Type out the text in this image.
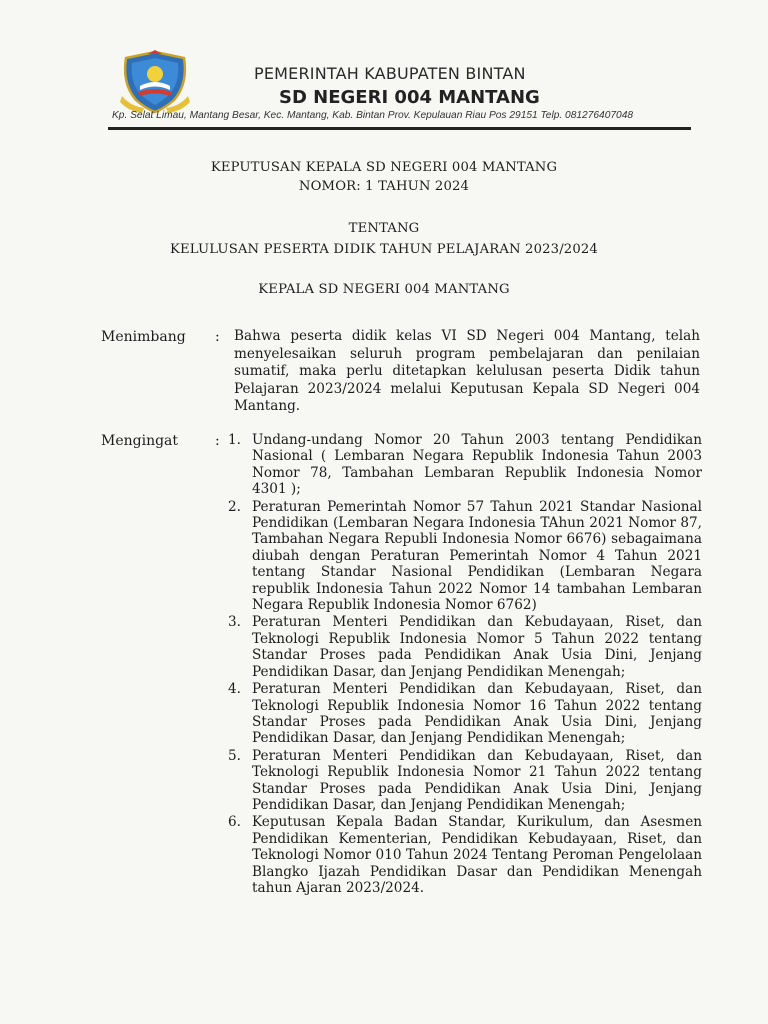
PEMERINTAH KABUPATEN BINTAN
SD NEGERI 004 MANTANG
Kp. Selat Limau, Mantang Besar, Kec. Mantang, Kab. Bintan Prov. Kepulauan Riau Pos 29151 Telp. 081276407048
KEPUTUSAN KEPALA SD NEGERI 004 MANTANG
NOMOR: 1 TAHUN 2024
TENTANG
KELULUSAN PESERTA DIDIK TAHUN PELAJARAN 2023/2024
KEPALA SD NEGERI 004 MANTANG
Menimbang : Bahwa peserta didik kelas VI SD Negeri 004 Mantang, telah menyelesaikan seluruh program pembelajaran dan penilaian sumatif, maka perlu ditetapkan kelulusan peserta Didik tahun Pelajaran 2023/2024 melalui Keputusan Kepala SD Negeri 004 Mantang.
Mengingat	: 1. Undang-undang Nomor 20 Tahun 2003 tentang Pendidikan Nasional ( Lembaran Negara Republik Indonesia Tahun 2003 Nomor 78, Tambahan Lembaran Republik Indonesia Nomor 4301 );
2. Peraturan Pemerintah Nomor 57 Tahun 2021 Standar Nasional Pendidikan (Lembaran Negara Indonesia TAhun 2021 Nomor 87, Tambahan Negara Republi Indonesia Nomor 6676) sebagaimana diubah dengan Peraturan Pemerintah Nomor 4 Tahun 2021 tentang Standar Nasional Pendidikan (Lembaran Negara republik Indonesia Tahun 2022 Nomor 14 tambahan Lembaran Negara Republik Indonesia Nomor 6762)
3. Peraturan Menteri Pendidikan dan Kebudayaan, Riset, dan Teknologi Republik Indonesia Nomor 5 Tahun 2022 tentang Standar Proses pada Pendidikan Anak Usia Dini, Jenjang Pendidikan Dasar, dan Jenjang Pendidikan Menengah;
4. Peraturan Menteri Pendidikan dan Kebudayaan, Riset, dan Teknologi Republik Indonesia Nomor 16 Tahun 2022 tentang Standar Proses pada Pendidikan Anak Usia Dini, Jenjang Pendidikan Dasar, dan Jenjang Pendidikan Menengah;
5. Peraturan Menteri Pendidikan dan Kebudayaan, Riset, dan Teknologi Republik Indonesia Nomor 21 Tahun 2022 tentang Standar Proses pada Pendidikan Anak Usia Dini, Jenjang Pendidikan Dasar, dan Jenjang Pendidikan Menengah;
6. Keputusan Kepala Badan Standar, Kurikulum, dan Asesmen Pendidikan Kementerian, Pendidikan Kebudayaan, Riset, dan Teknologi Nomor 010 Tahun 2024 Tentang Peroman Pengelolaan Blangko Ijazah Pendidikan Dasar dan Pendidikan Menengah tahun Ajaran 2023/2024.
